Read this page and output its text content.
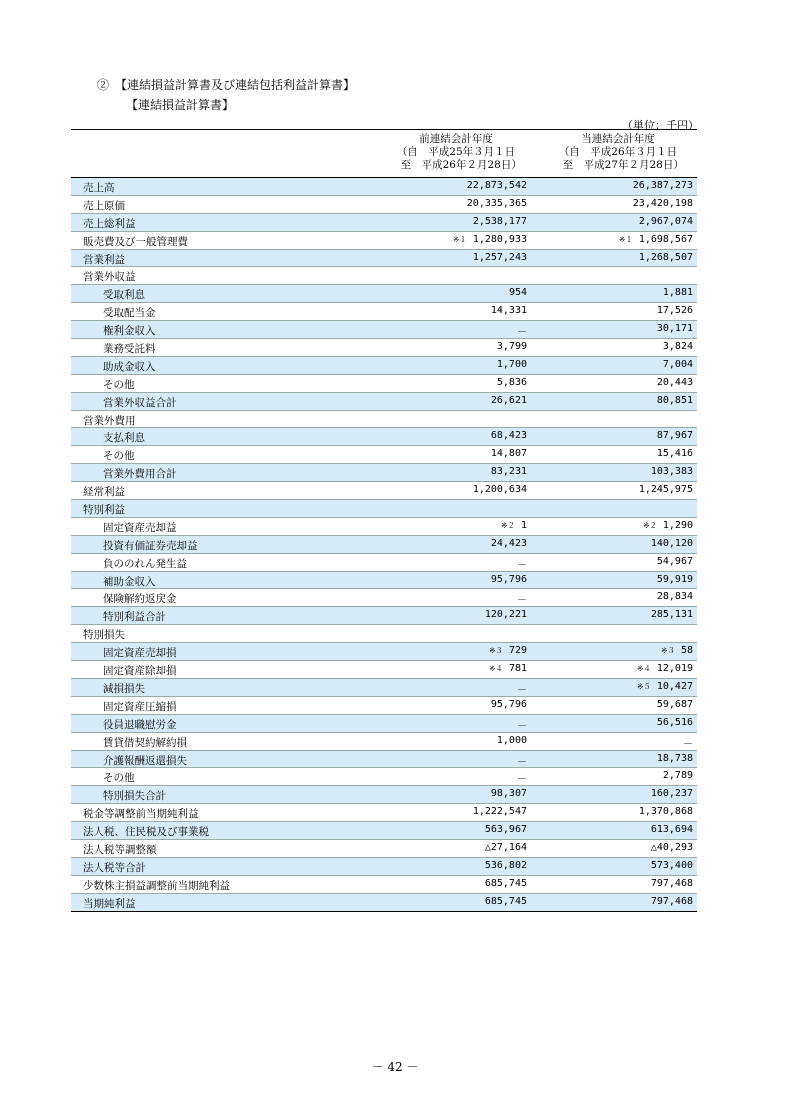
②　【連結損益計算書及び連結包括利益計算書】
【連結損益計算書】
（単位：千円）
前連結会計年度
（自　平成25年３月１日
　至　平成26年２月28日）
当連結会計年度
（自　平成26年３月１日
　至　平成27年２月28日）
売上高	22,873,542	26,387,273
売上原価	20,335,365	23,420,198
売上総利益	2,538,177	2,967,074
販売費及び一般管理費	※１ 1,280,933	※１ 1,698,567
営業利益	1,257,243	1,268,507
営業外収益
受取利息	954	1,881
受取配当金	14,331	17,526
権利金収入	－	30,171
業務受託料	3,799	3,824
助成金収入	1,700	7,004
その他	5,836	20,443
営業外収益合計	26,621	80,851
営業外費用
支払利息	68,423	87,967
その他	14,807	15,416
営業外費用合計	83,231	103,383
経常利益	1,200,634	1,245,975
特別利益
固定資産売却益	※２ 1	※２ 1,290
投資有価証券売却益	24,423	140,120
負ののれん発生益	－	54,967
補助金収入	95,796	59,919
保険解約返戻金	－	28,834
特別利益合計	120,221	285,131
特別損失
固定資産売却損	※３ 729	※３ 58
固定資産除却損	※４ 781	※４ 12,019
減損損失	－	※５ 10,427
固定資産圧縮損	95,796	59,687
役員退職慰労金	－	56,516
賃貸借契約解約損	1,000	－
介護報酬返還損失	－	18,738
その他	－	2,789
特別損失合計	98,307	160,237
税金等調整前当期純利益	1,222,547	1,370,868
法人税、住民税及び事業税	563,967	613,694
法人税等調整額	△27,164	△40,293
法人税等合計	536,802	573,400
少数株主損益調整前当期純利益	685,745	797,468
当期純利益	685,745	797,468
－ 42 －
